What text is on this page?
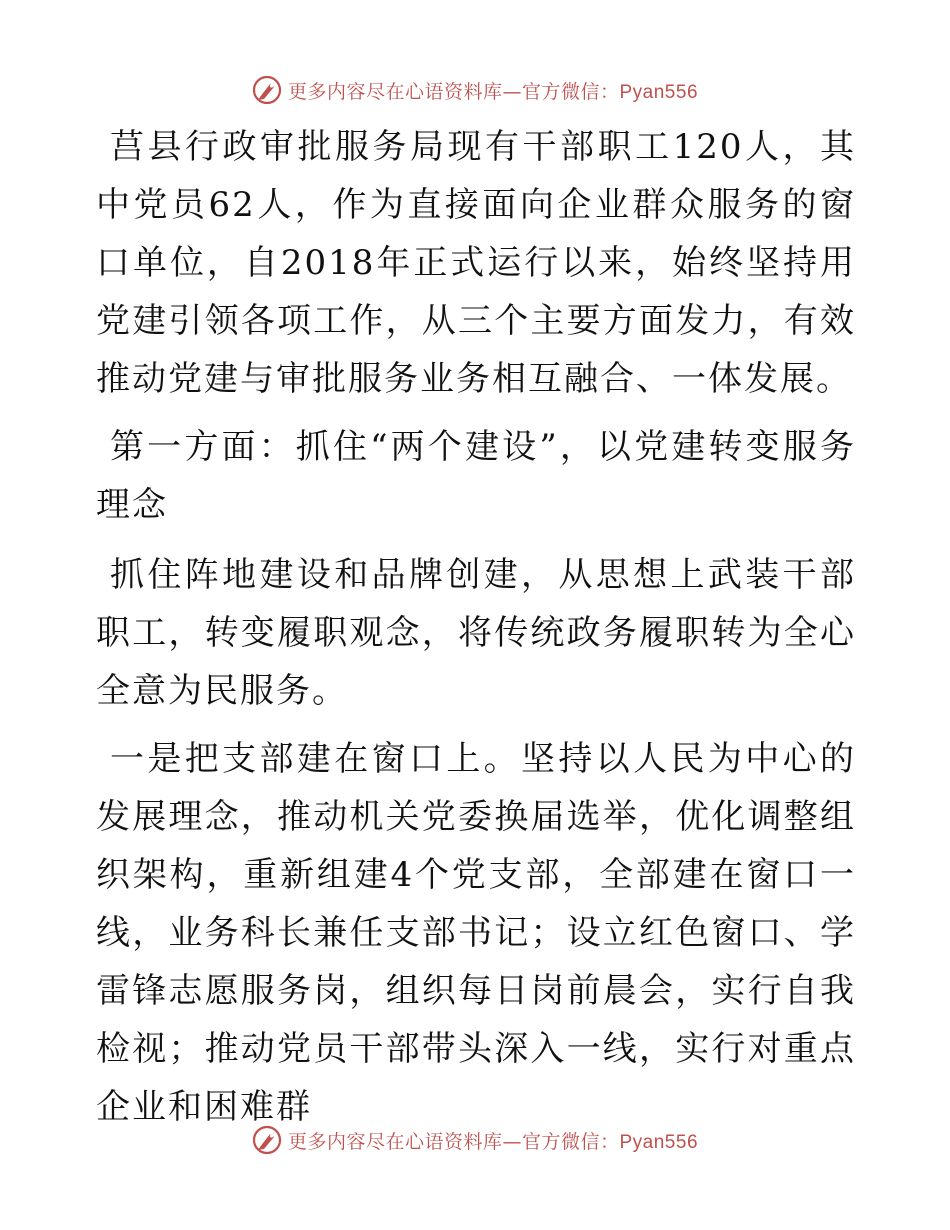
更多内容尽在心语资料库—官方微信：Pyan556

莒县行政审批服务局现有干部职工120人，其中党员62人，作为直接面向企业群众服务的窗口单位，自2018年正式运行以来，始终坚持用党建引领各项工作，从三个主要方面发力，有效推动党建与审批服务业务相互融合、一体发展。

第一方面：抓住“两个建设”，以党建转变服务理念

抓住阵地建设和品牌创建，从思想上武装干部职工，转变履职观念，将传统政务履职转为全心全意为民服务。

一是把支部建在窗口上。坚持以人民为中心的发展理念，推动机关党委换届选举，优化调整组织架构，重新组建4个党支部，全部建在窗口一线，业务科长兼任支部书记；设立红色窗口、学雷锋志愿服务岗，组织每日岗前晨会，实行自我检视；推动党员干部带头深入一线，实行对重点企业和困难群

更多内容尽在心语资料库—官方微信：Pyan556
